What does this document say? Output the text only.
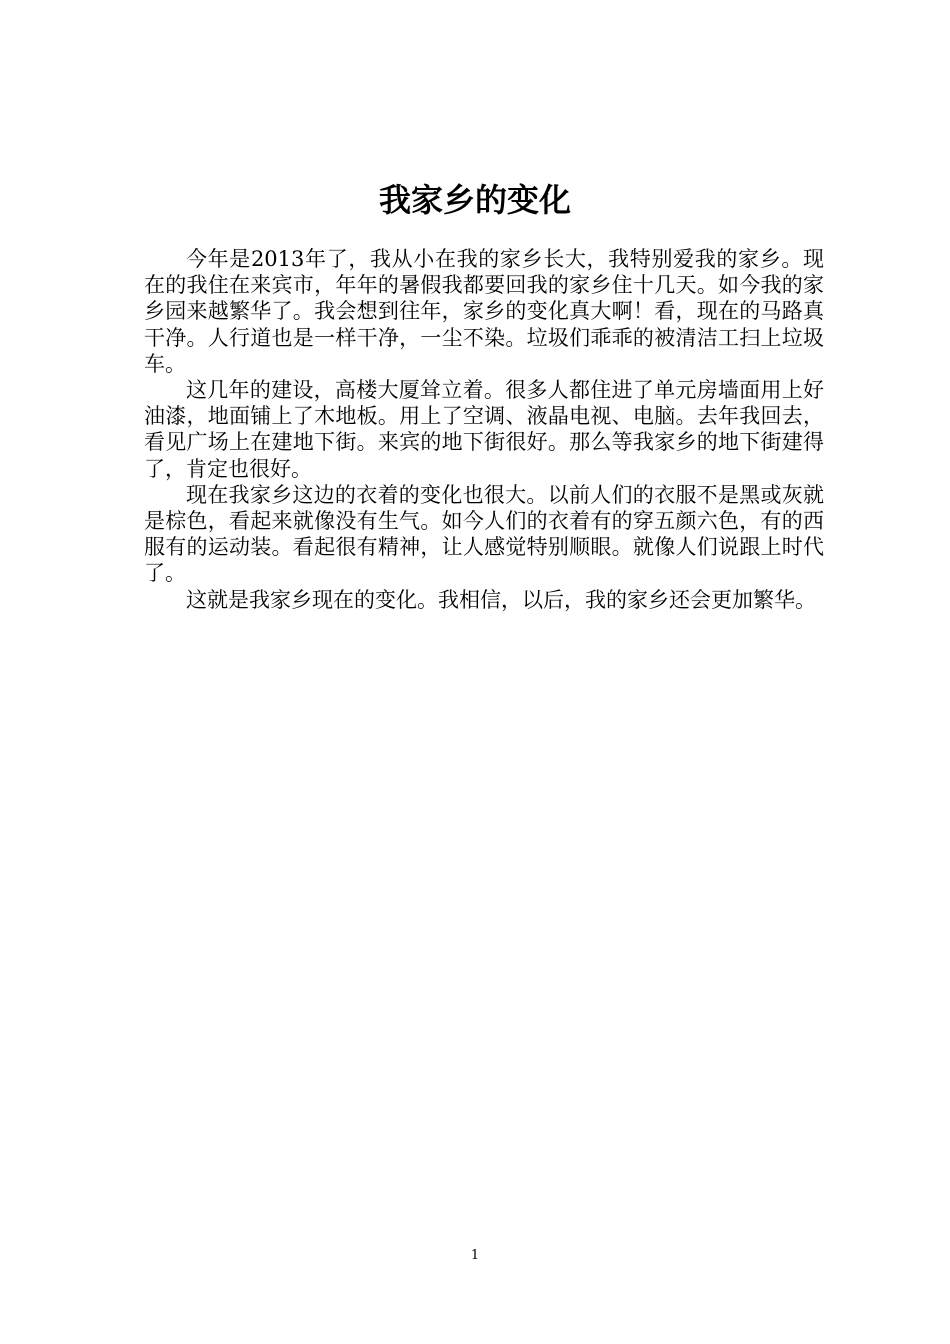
我家乡的变化

今年是2013年了，我从小在我的家乡长大，我特别爱我的家乡。现在的我住在来宾市，年年的暑假我都要回我的家乡住十几天。如今我的家乡园来越繁华了。我会想到往年，家乡的变化真大啊！看，现在的马路真干净。人行道也是一样干净，一尘不染。垃圾们乖乖的被清洁工扫上垃圾车。

这几年的建设，高楼大厦耸立着。很多人都住进了单元房墙面用上好油漆，地面铺上了木地板。用上了空调、液晶电视、电脑。去年我回去，看见广场上在建地下街。来宾的地下街很好。那么等我家乡的地下街建得了，肯定也很好。

现在我家乡这边的衣着的变化也很大。以前人们的衣服不是黑或灰就是棕色，看起来就像没有生气。如今人们的衣着有的穿五颜六色，有的西服有的运动装。看起很有精神，让人感觉特别顺眼。就像人们说跟上时代了。

这就是我家乡现在的变化。我相信，以后，我的家乡还会更加繁华。

1
